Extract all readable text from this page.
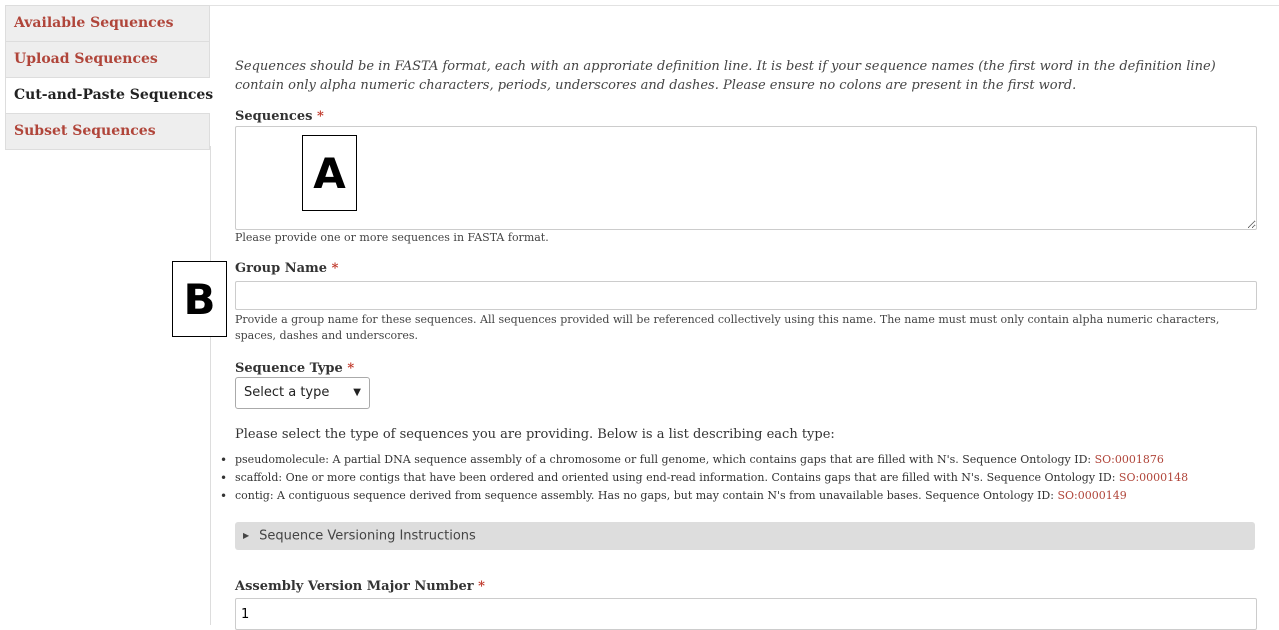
Available Sequences
Upload Sequences
Cut-and-Paste Sequences
Subset Sequences
Sequences should be in FASTA format, each with an approriate definition line. It is best if your sequence names (the first word in the definition line) contain only alpha numeric characters, periods, underscores and dashes. Please ensure no colons are present in the first word.
Sequences *
Please provide one or more sequences in FASTA format.
Group Name *
Provide a group name for these sequences. All sequences provided will be referenced collectively using this name. The name must must only contain alpha numeric characters, spaces, dashes and underscores.
Sequence Type *
Select a type ▼
Please select the type of sequences you are providing. Below is a list describing each type:
• pseudomolecule: A partial DNA sequence assembly of a chromosome or full genome, which contains gaps that are filled with N's. Sequence Ontology ID: SO:0001876
• scaffold: One or more contigs that have been ordered and oriented using end-read information. Contains gaps that are filled with N's. Sequence Ontology ID: SO:0000148
• contig: A contiguous sequence derived from sequence assembly. Has no gaps, but may contain N's from unavailable bases. Sequence Ontology ID: SO:0000149
▶ Sequence Versioning Instructions
Assembly Version Major Number *
1
A
B
